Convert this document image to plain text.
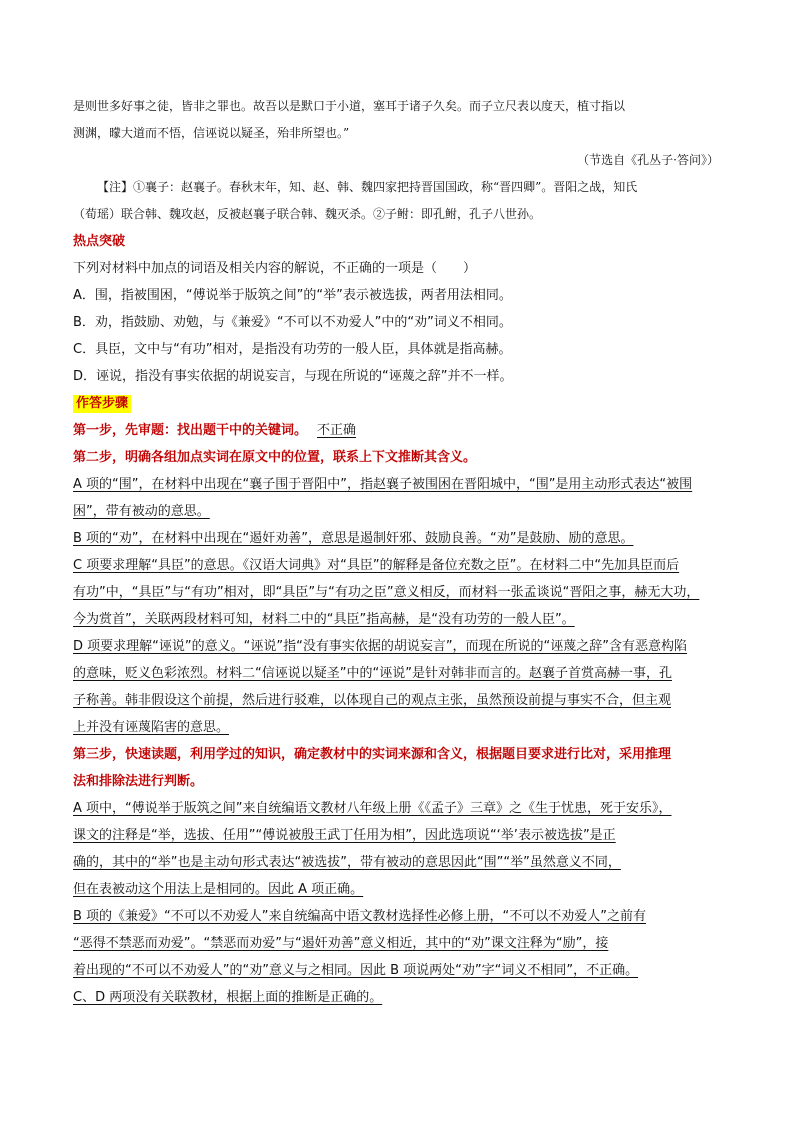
是则世多好事之徒，皆非之罪也。故吾以是默口于小道，塞耳于诸子久矣。而子立尺表以度天，植寸指以

测渊，曚大道而不悟，信诬说以疑圣，殆非所望也。”

（节选自《孔丛子·答问》）

【注】①襄子：赵襄子。春秋末年，知、赵、韩、魏四家把持晋国国政，称“晋四卿”。晋阳之战，知氏

（荀瑶）联合韩、魏攻赵，反被赵襄子联合韩、魏灭杀。②子鲋：即孔鲋，孔子八世孙。

热点突破

下列对材料中加点的词语及相关内容的解说，不正确的一项是（　　）

A．围，指被围困，“傅说举于版筑之间”的“举”表示被选拔，两者用法相同。

B．劝，指鼓励、劝勉，与《兼爱》“不可以不劝爱人”中的“劝”词义不相同。

C．具臣，文中与“有功”相对，是指没有功劳的一般人臣，具体就是指高赫。

D．诬说，指没有事实依据的胡说妄言，与现在所说的“诬蔑之辞”并不一样。

作答步骤

第一步，先审题：找出题干中的关键词。 不正确

第二步，明确各组加点实词在原文中的位置，联系上下文推断其含义。

A 项的“围”，在材料中出现在“襄子围于晋阳中”，指赵襄子被围困在晋阳城中，“围”是用主动形式表达“被围

困”，带有被动的意思。

B 项的“劝”，在材料中出现在“遏奸劝善”，意思是遏制奸邪、鼓励良善。“劝”是鼓励、励的意思。

C 项要求理解“具臣”的意思。《汉语大词典》对“具臣”的解释是备位充数之臣”。在材料二中“先加具臣而后

有功”中，“具臣”与“有功”相对，即“具臣”与“有功之臣”意义相反，而材料一张孟谈说“晋阳之事，赫无大功，

今为赏首”，关联两段材料可知，材料二中的“具臣”指高赫，是“没有功劳的一般人臣”。

D 项要求理解“诬说”的意义。“诬说”指“没有事实依据的胡说妄言”，而现在所说的“诬蔑之辞”含有恶意构陷

的意味，贬义色彩浓烈。材料二“信诬说以疑圣”中的“诬说”是针对韩非而言的。赵襄子首赏高赫一事，孔

子称善。韩非假设这个前提，然后进行驳难，以体现自己的观点主张，虽然预设前提与事实不合，但主观

上并没有诬蔑陷害的意思。

第三步，快速读题，利用学过的知识，确定教材中的实词来源和含义，根据题目要求进行比对，采用推理

法和排除法进行判断。

A 项中，“傅说举于版筑之间”来自统编语文教材八年级上册《《孟子》三章》之《生于忧患，死于安乐》，

课文的注释是“举，选拔、任用”“傅说被殷王武丁任用为相”，因此选项说“‘举’表示被选拔”是正

确的，其中的“举”也是主动句形式表达“被选拔”，带有被动的意思因此“围”“举”虽然意义不同，

但在表被动这个用法上是相同的。因此 A 项正确。

B 项的《兼爱》“不可以不劝爱人”来自统编高中语文教材选择性必修上册，“不可以不劝爱人”之前有

“恶得不禁恶而劝爱”。“禁恶而劝爱”与“遏奸劝善”意义相近，其中的“劝”课文注释为“励”，接

着出现的“不可以不劝爱人”的“劝”意义与之相同。因此 B 项说两处“劝”字“词义不相同”，不正确。

C、D 两项没有关联教材，根据上面的推断是正确的。
